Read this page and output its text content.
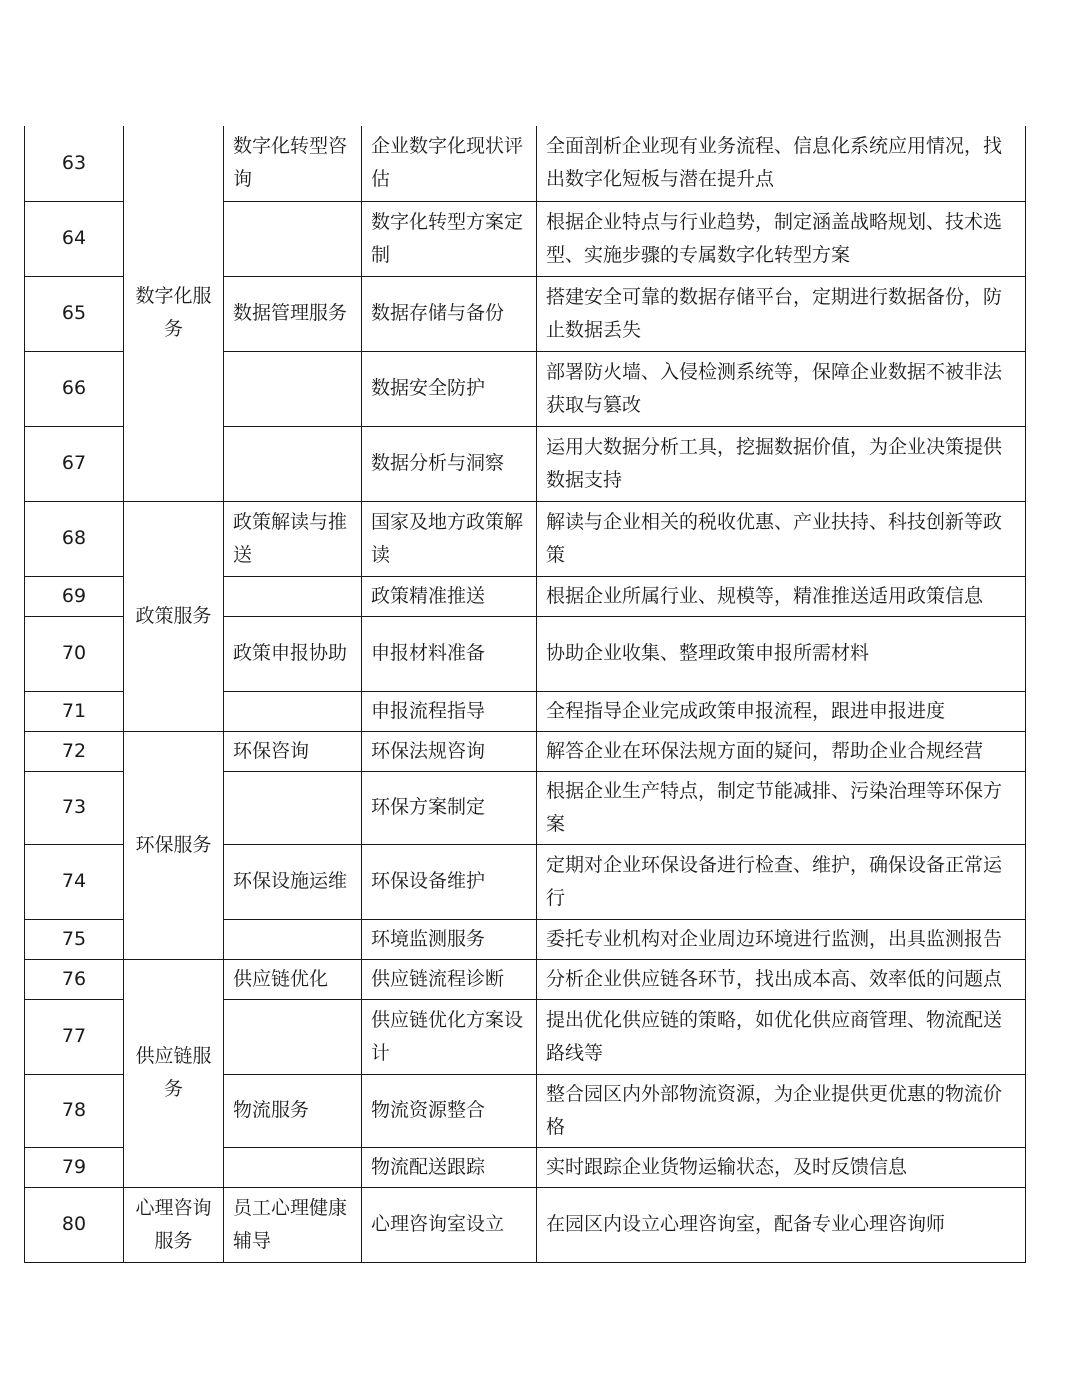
63	数字化服务	数字化转型咨询	企业数字化现状评估	全面剖析企业现有业务流程、信息化系统应用情况，找出数字化短板与潜在提升点
64			数字化转型方案定制	根据企业特点与行业趋势，制定涵盖战略规划、技术选型、实施步骤的专属数字化转型方案
65		数据管理服务	数据存储与备份	搭建安全可靠的数据存储平台，定期进行数据备份，防止数据丢失
66			数据安全防护	部署防火墙、入侵检测系统等，保障企业数据不被非法获取与篡改
67			数据分析与洞察	运用大数据分析工具，挖掘数据价值，为企业决策提供数据支持
68	政策服务	政策解读与推送	国家及地方政策解读	解读与企业相关的税收优惠、产业扶持、科技创新等政策
69			政策精准推送	根据企业所属行业、规模等，精准推送适用政策信息
70		政策申报协助	申报材料准备	协助企业收集、整理政策申报所需材料
71			申报流程指导	全程指导企业完成政策申报流程，跟进申报进度
72	环保服务	环保咨询	环保法规咨询	解答企业在环保法规方面的疑问，帮助企业合规经营
73			环保方案制定	根据企业生产特点，制定节能减排、污染治理等环保方案
74		环保设施运维	环保设备维护	定期对企业环保设备进行检查、维护，确保设备正常运行
75			环境监测服务	委托专业机构对企业周边环境进行监测，出具监测报告
76	供应链服务	供应链优化	供应链流程诊断	分析企业供应链各环节，找出成本高、效率低的问题点
77			供应链优化方案设计	提出优化供应链的策略，如优化供应商管理、物流配送路线等
78		物流服务	物流资源整合	整合园区内外部物流资源，为企业提供更优惠的物流价格
79			物流配送跟踪	实时跟踪企业货物运输状态，及时反馈信息
80	心理咨询服务	员工心理健康辅导	心理咨询室设立	在园区内设立心理咨询室，配备专业心理咨询师
